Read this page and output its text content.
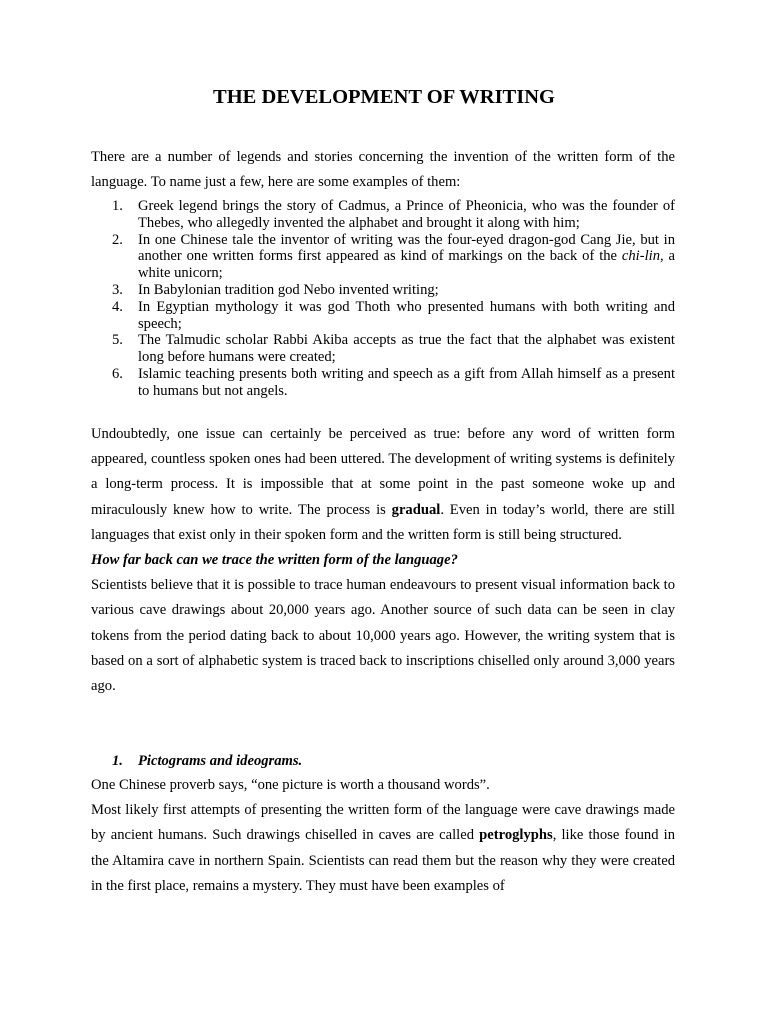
THE DEVELOPMENT OF WRITING

There are a number of legends and stories concerning the invention of the written form of the language. To name just a few, here are some examples of them:

1. Greek legend brings the story of Cadmus, a Prince of Pheonicia, who was the founder of Thebes, who allegedly invented the alphabet and brought it along with him;
2. In one Chinese tale the inventor of writing was the four-eyed dragon-god Cang Jie, but in another one written forms first appeared as kind of markings on the back of the chi-lin, a white unicorn;
3. In Babylonian tradition god Nebo invented writing;
4. In Egyptian mythology it was god Thoth who presented humans with both writing and speech;
5. The Talmudic scholar Rabbi Akiba accepts as true the fact that the alphabet was existent long before humans were created;
6. Islamic teaching presents both writing and speech as a gift from Allah himself as a present to humans but not angels.

Undoubtedly, one issue can certainly be perceived as true: before any word of written form appeared, countless spoken ones had been uttered. The development of writing systems is definitely a long-term process. It is impossible that at some point in the past someone woke up and miraculously knew how to write. The process is gradual. Even in today’s world, there are still languages that exist only in their spoken form and the written form is still being structured.

How far back can we trace the written form of the language?

Scientists believe that it is possible to trace human endeavours to present visual information back to various cave drawings about 20,000 years ago. Another source of such data can be seen in clay tokens from the period dating back to about 10,000 years ago. However, the writing system that is based on a sort of alphabetic system is traced back to inscriptions chiselled only around 3,000 years ago.

1. Pictograms and ideograms.

One Chinese proverb says, “one picture is worth a thousand words”.

Most likely first attempts of presenting the written form of the language were cave drawings made by ancient humans. Such drawings chiselled in caves are called petroglyphs, like those found in the Altamira cave in northern Spain. Scientists can read them but the reason why they were created in the first place, remains a mystery. They must have been examples of
